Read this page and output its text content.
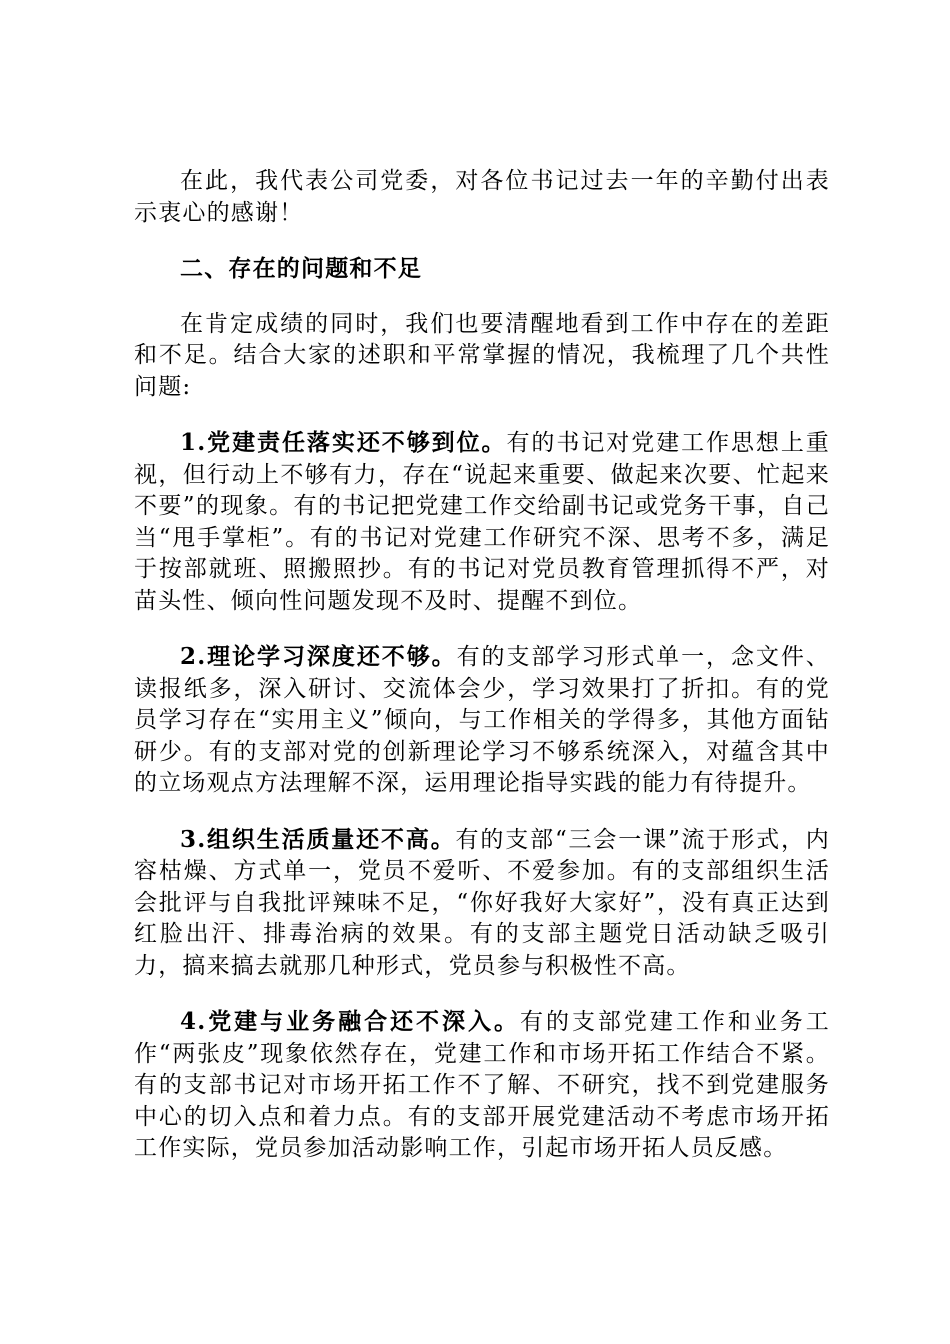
在此，我代表公司党委，对各位书记过去一年的辛勤付出表示衷心的感谢！

二、存在的问题和不足

在肯定成绩的同时，我们也要清醒地看到工作中存在的差距和不足。结合大家的述职和平常掌握的情况，我梳理了几个共性问题:

1.党建责任落实还不够到位。有的书记对党建工作思想上重视，但行动上不够有力，存在“说起来重要、做起来次要、忙起来不要”的现象。有的书记把党建工作交给副书记或党务干事，自己当“甩手掌柜”。有的书记对党建工作研究不深、思考不多，满足于按部就班、照搬照抄。有的书记对党员教育管理抓得不严，对苗头性、倾向性问题发现不及时、提醒不到位。

2.理论学习深度还不够。有的支部学习形式单一，念文件、读报纸多，深入研讨、交流体会少，学习效果打了折扣。有的党员学习存在“实用主义”倾向，与工作相关的学得多，其他方面钻研少。有的支部对党的创新理论学习不够系统深入，对蕴含其中的立场观点方法理解不深，运用理论指导实践的能力有待提升。

3.组织生活质量还不高。有的支部“三会一课”流于形式，内容枯燥、方式单一，党员不爱听、不爱参加。有的支部组织生活会批评与自我批评辣味不足，“你好我好大家好”，没有真正达到红脸出汗、排毒治病的效果。有的支部主题党日活动缺乏吸引力，搞来搞去就那几种形式，党员参与积极性不高。

4.党建与业务融合还不深入。有的支部党建工作和业务工作“两张皮”现象依然存在，党建工作和市场开拓工作结合不紧。有的支部书记对市场开拓工作不了解、不研究，找不到党建服务中心的切入点和着力点。有的支部开展党建活动不考虑市场开拓工作实际，党员参加活动影响工作，引起市场开拓人员反感。
